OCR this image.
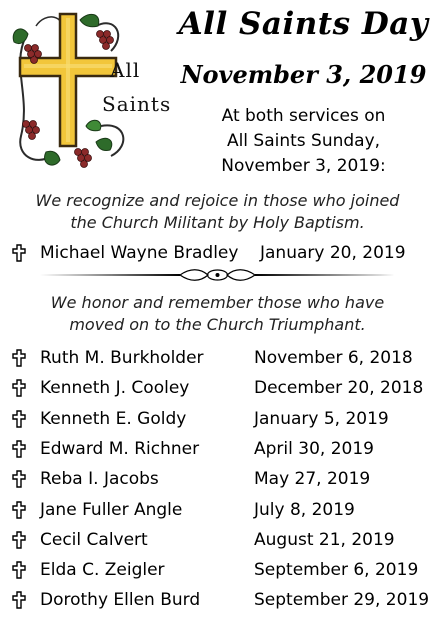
All
Saints
All Saints Day
November 3, 2019
At both services on
All Saints Sunday,
November 3, 2019:
We recognize and rejoice in those who joined
the Church Militant by Holy Baptism.
Michael Wayne Bradley January 20, 2019
We honor and remember those who have
moved on to the Church Triumphant.
Ruth M. Burkholder	November 6, 2018
Kenneth J. Cooley	December 20, 2018
Kenneth E. Goldy	January 5, 2019
Edward M. Richner	April 30, 2019
Reba I. Jacobs	May 27, 2019
Jane Fuller Angle	July 8, 2019
Cecil Calvert	August 21, 2019
Elda C. Zeigler	September 6, 2019
Dorothy Ellen Burd	September 29, 2019
